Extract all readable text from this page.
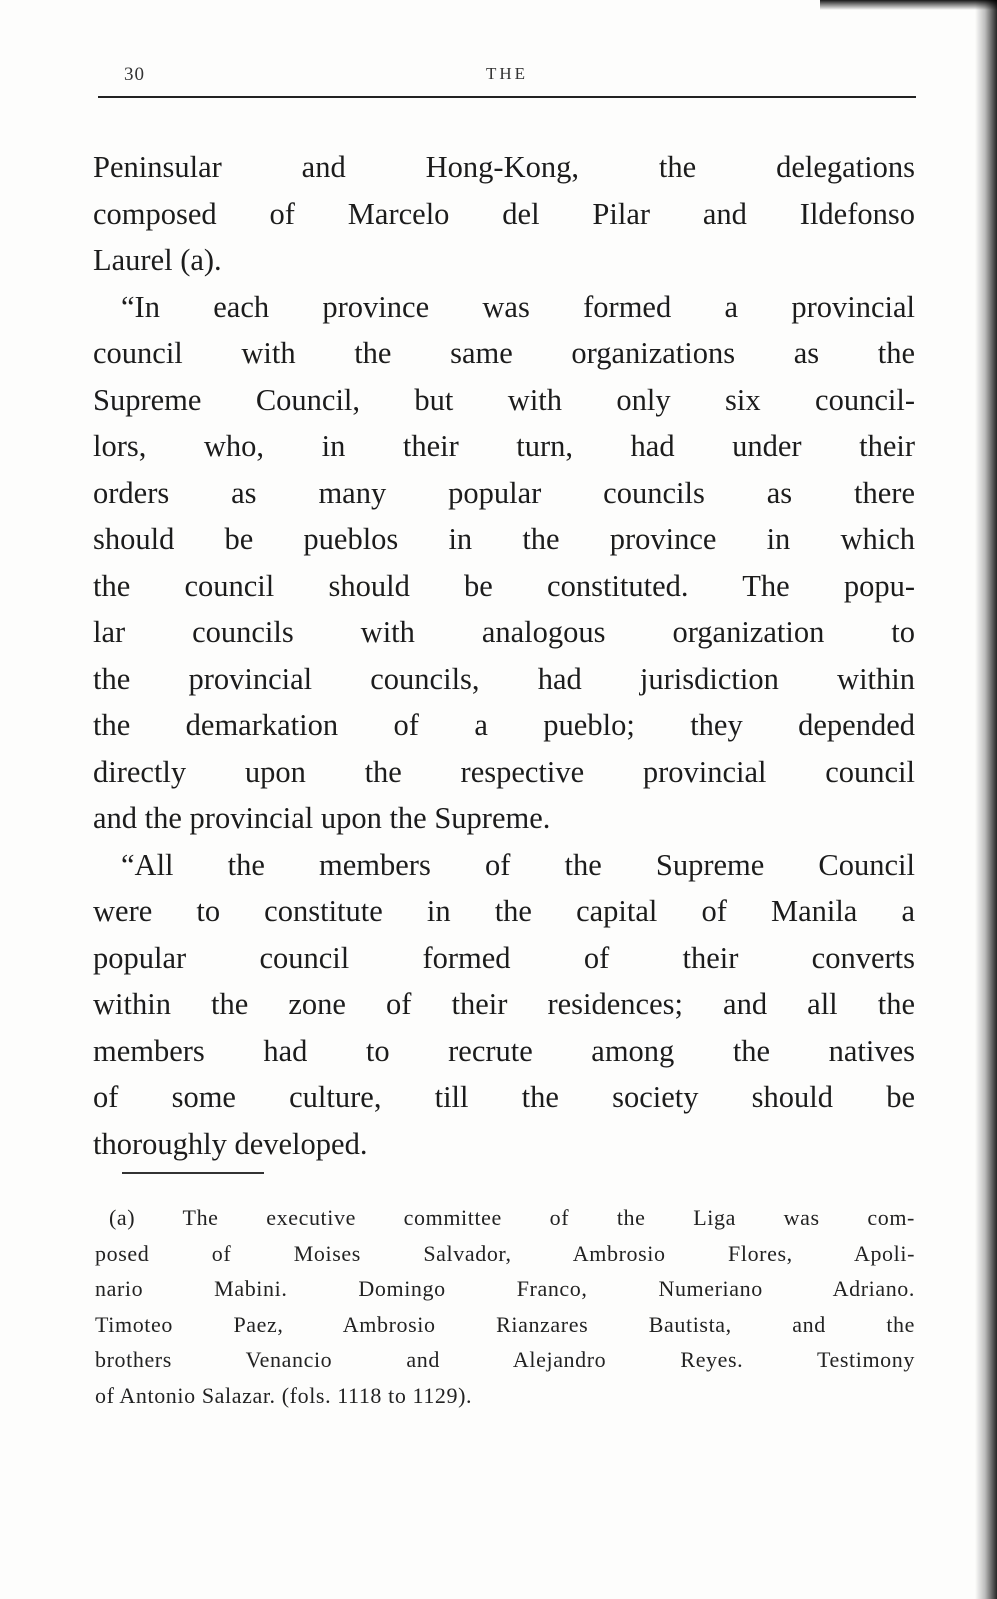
30	THE
Peninsular and Hong-Kong, the delegations
composed of Marcelo del Pilar and Ildefonso
Laurel (a).
“In each province was formed a provincial
council with the same organizations as the
Supreme Council, but with only six council-
lors, who, in their turn, had under their
orders as many popular councils as there
should be pueblos in the province in which
the council should be constituted. The popu-
lar councils with analogous organization to
the provincial councils, had jurisdiction within
the demarkation of a pueblo; they depended
directly upon the respective provincial council
and the provincial upon the Supreme.
“All the members of the Supreme Council
were to constitute in the capital of Manila a
popular council formed of their converts
within the zone of their residences; and all the
members had to recrute among the natives
of some culture, till the society should be
thoroughly developed.
(a) The executive committee of the Liga was com-
posed of Moises Salvador, Ambrosio Flores, Apoli-
nario Mabini. Domingo Franco, Numeriano Adriano.
Timoteo Paez, Ambrosio Rianzares Bautista, and the
brothers Venancio and Alejandro Reyes. Testimony
of Antonio Salazar. (fols. 1118 to 1129).
